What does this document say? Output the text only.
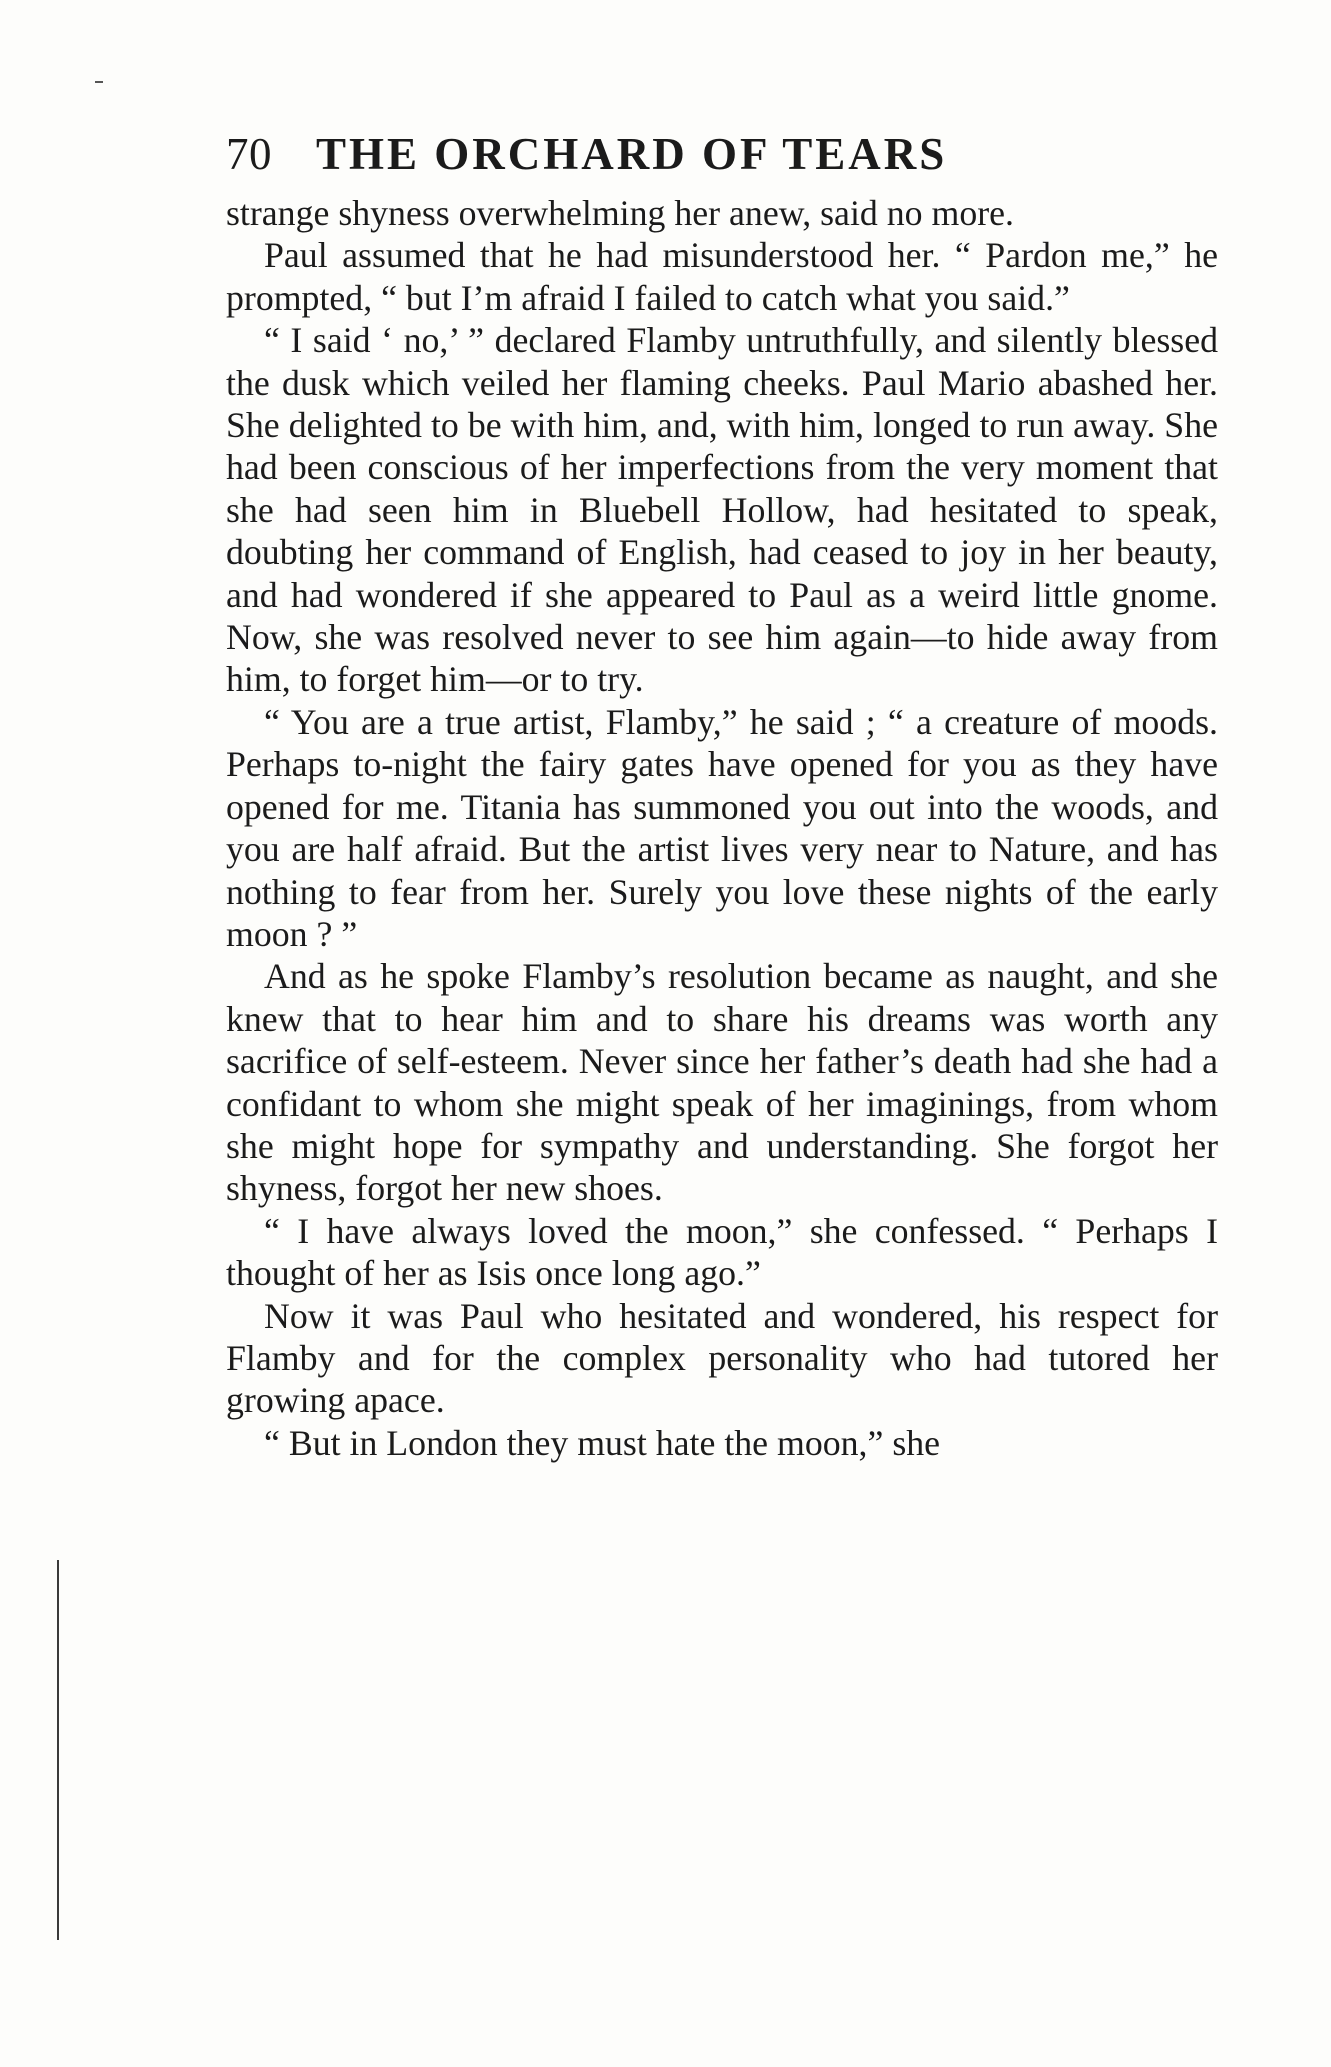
70 THE ORCHARD OF TEARS

strange shyness overwhelming her anew, said no more.

Paul assumed that he had misunderstood her. “ Pardon me,” he prompted, “ but I’m afraid I failed to catch what you said.”

“ I said ‘ no,’ ” declared Flamby untruthfully, and silently blessed the dusk which veiled her flaming cheeks. Paul Mario abashed her. She delighted to be with him, and, with him, longed to run away. She had been conscious of her imperfections from the very moment that she had seen him in Bluebell Hollow, had hesitated to speak, doubting her command of English, had ceased to joy in her beauty, and had wondered if she appeared to Paul as a weird little gnome. Now, she was resolved never to see him again—to hide away from him, to forget him—or to try.

“ You are a true artist, Flamby,” he said ; “ a creature of moods. Perhaps to-night the fairy gates have opened for you as they have opened for me. Titania has summoned you out into the woods, and you are half afraid. But the artist lives very near to Nature, and has nothing to fear from her. Surely you love these nights of the early moon ? ”

And as he spoke Flamby’s resolution became as naught, and she knew that to hear him and to share his dreams was worth any sacrifice of self-esteem. Never since her father’s death had she had a confidant to whom she might speak of her imaginings, from whom she might hope for sympathy and understanding. She forgot her shyness, forgot her new shoes.

“ I have always loved the moon,” she confessed. “ Perhaps I thought of her as Isis once long ago.”

Now it was Paul who hesitated and wondered, his respect for Flamby and for the complex personality who had tutored her growing apace.

“ But in London they must hate the moon,” she
